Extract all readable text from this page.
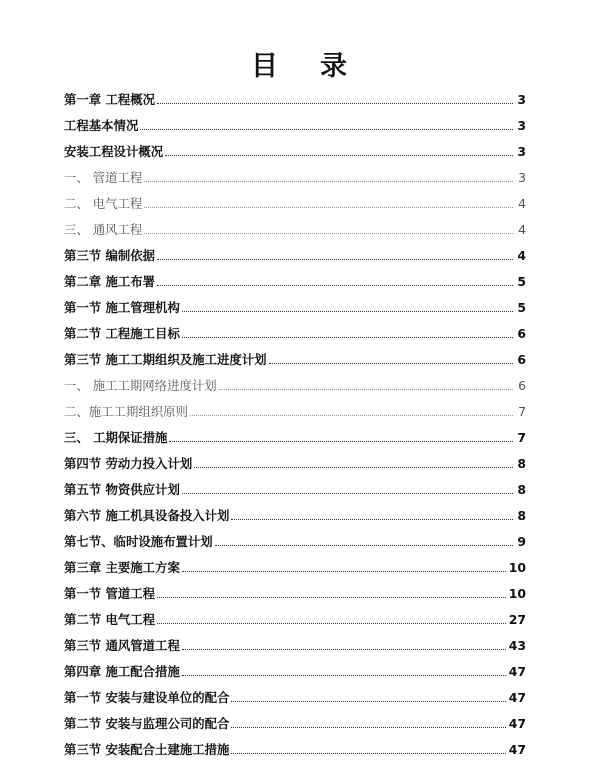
目 录
第一章 工程概况	3
工程基本情况	3
安装工程设计概况	3
一、 管道工程	3
二、 电气工程	4
三、 通风工程	4
第三节 编制依据	4
第二章 施工布署	5
第一节 施工管理机构	5
第二节 工程施工目标	6
第三节 施工工期组织及施工进度计划	6
一、 施工工期网络进度计划	6
二、施工工期组织原则	7
三、 工期保证措施	7
第四节 劳动力投入计划	8
第五节 物资供应计划	8
第六节 施工机具设备投入计划	8
第七节、临时设施布置计划	9
第三章 主要施工方案	10
第一节 管道工程	10
第二节 电气工程	27
第三节 通风管道工程	43
第四章 施工配合措施	47
第一节 安装与建设单位的配合	47
第二节 安装与监理公司的配合	47
第三节 安装配合土建施工措施	47
